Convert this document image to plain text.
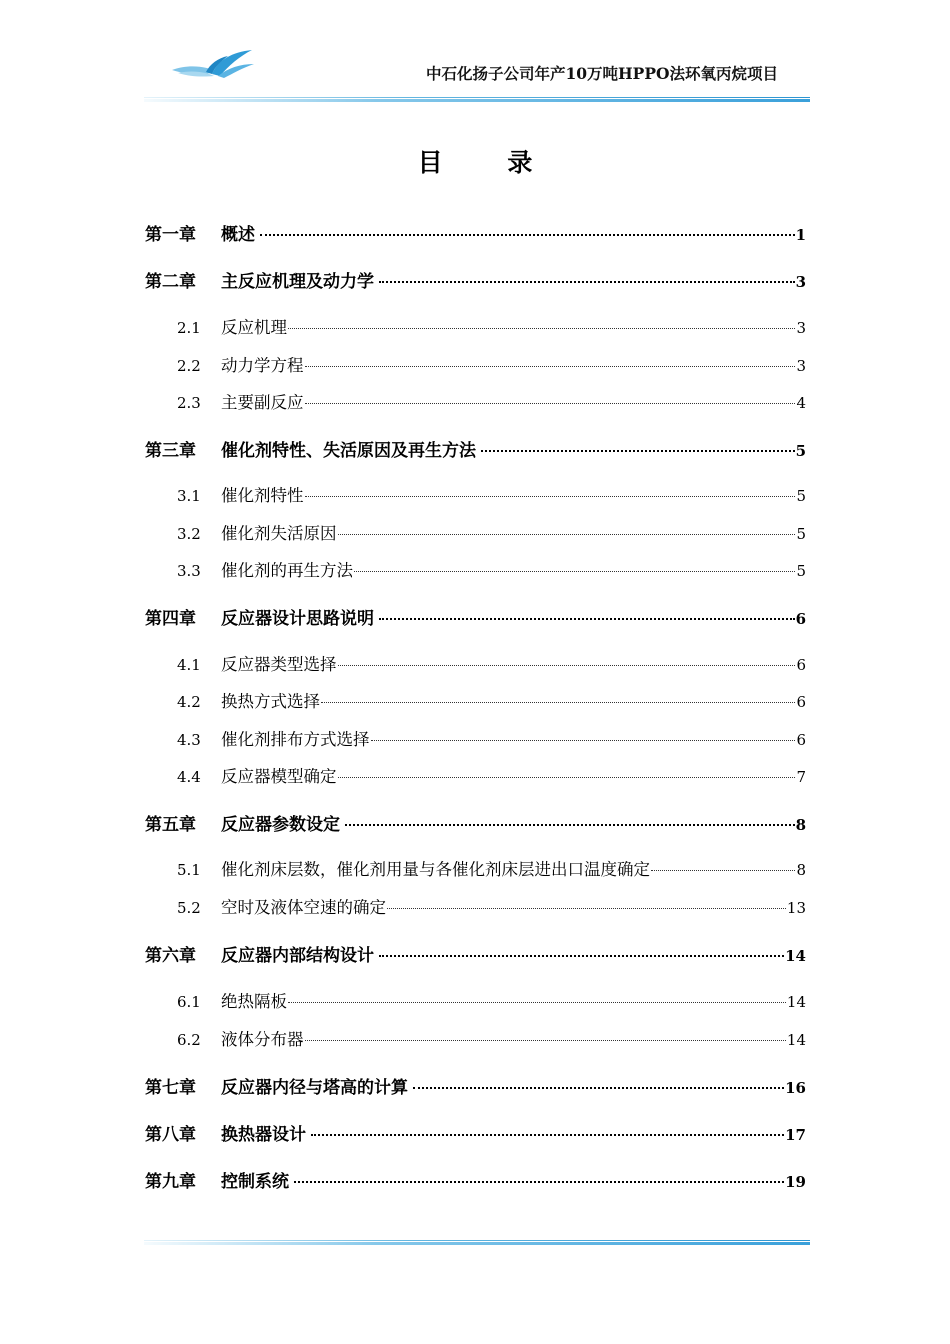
中石化扬子公司年产10万吨HPPO法环氧丙烷项目
目 录
第一章	概述	1
第二章	主反应机理及动力学	3
2.1	反应机理	3
2.2	动力学方程	3
2.3	主要副反应	4
第三章	催化剂特性、失活原因及再生方法	5
3.1	催化剂特性	5
3.2	催化剂失活原因	5
3.3	催化剂的再生方法	5
第四章	反应器设计思路说明	6
4.1	反应器类型选择	6
4.2	换热方式选择	6
4.3	催化剂排布方式选择	6
4.4	反应器模型确定	7
第五章	反应器参数设定	8
5.1	催化剂床层数，催化剂用量与各催化剂床层进出口温度确定	8
5.2	空时及液体空速的确定	13
第六章	反应器内部结构设计	14
6.1	绝热隔板	14
6.2	液体分布器	14
第七章	反应器内径与塔高的计算	16
第八章	换热器设计	17
第九章	控制系统	19
